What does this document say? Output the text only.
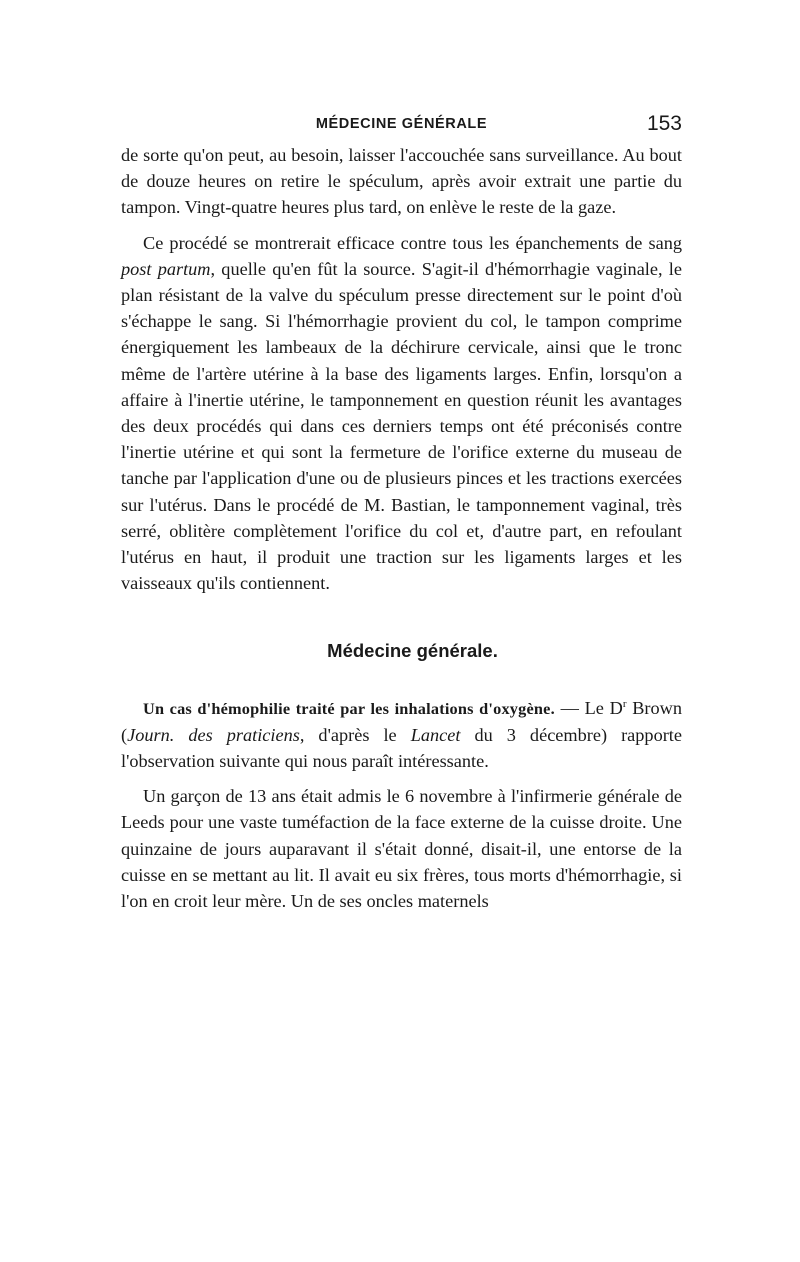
MÉDECINE GÉNÉRALE	153

de sorte qu'on peut, au besoin, laisser l'accouchée sans surveillance. Au bout de douze heures on retire le spéculum, après avoir extrait une partie du tampon. Vingt-quatre heures plus tard, on enlève le reste de la gaze.

Ce procédé se montrerait efficace contre tous les épanchements de sang post partum, quelle qu'en fût la source. S'agit-il d'hémorrhagie vaginale, le plan résistant de la valve du spéculum presse directement sur le point d'où s'échappe le sang. Si l'hémorrhagie provient du col, le tampon comprime énergiquement les lambeaux de la déchirure cervicale, ainsi que le tronc même de l'artère utérine à la base des ligaments larges. Enfin, lorsqu'on a affaire à l'inertie utérine, le tamponnement en question réunit les avantages des deux procédés qui dans ces derniers temps ont été préconisés contre l'inertie utérine et qui sont la fermeture de l'orifice externe du museau de tanche par l'application d'une ou de plusieurs pinces et les tractions exercées sur l'utérus. Dans le procédé de M. Bastian, le tamponnement vaginal, très serré, oblitère complètement l'orifice du col et, d'autre part, en refoulant l'utérus en haut, il produit une traction sur les ligaments larges et les vaisseaux qu'ils contiennent.

Médecine générale.

Un cas d'hémophilie traité par les inhalations d'oxygène. — Le $D^r$ Brown (Journ. des praticiens, d'après le Lancet du 3 décembre) rapporte l'observation suivante qui nous paraît intéressante.

Un garçon de 13 ans était admis le 6 novembre à l'infirmerie générale de Leeds pour une vaste tuméfaction de la face externe de la cuisse droite. Une quinzaine de jours auparavant il s'était donné, disait-il, une entorse de la cuisse en se mettant au lit. Il avait eu six frères, tous morts d'hémorrhagie, si l'on en croit leur mère. Un de ses oncles maternels
